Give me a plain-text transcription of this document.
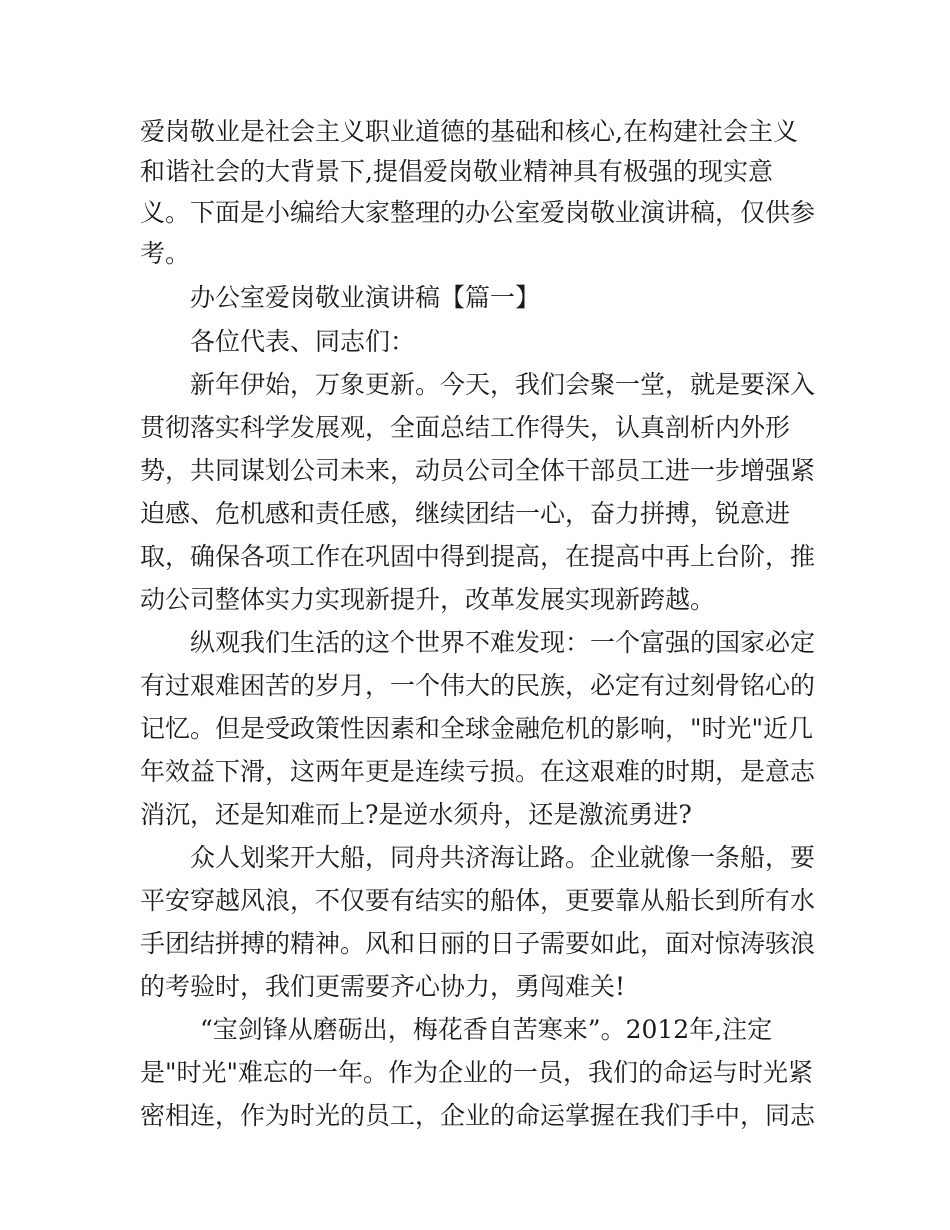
爱岗敬业是社会主义职业道德的基础和核心,在构建社会主义
和谐社会的大背景下,提倡爱岗敬业精神具有极强的现实意
义。下面是小编给大家整理的办公室爱岗敬业演讲稿，仅供参
考。
办公室爱岗敬业演讲稿【篇一】
各位代表、同志们：
新年伊始，万象更新。今天，我们会聚一堂，就是要深入
贯彻落实科学发展观，全面总结工作得失，认真剖析内外形
势，共同谋划公司未来，动员公司全体干部员工进一步增强紧
迫感、危机感和责任感，继续团结一心，奋力拼搏，锐意进
取，确保各项工作在巩固中得到提高，在提高中再上台阶，推
动公司整体实力实现新提升，改革发展实现新跨越。
纵观我们生活的这个世界不难发现：一个富强的国家必定
有过艰难困苦的岁月，一个伟大的民族，必定有过刻骨铭心的
记忆。但是受政策性因素和全球金融危机的影响，"时光"近几
年效益下滑，这两年更是连续亏损。在这艰难的时期，是意志
消沉，还是知难而上?是逆水须舟，还是激流勇进?
众人划桨开大船，同舟共济海让路。企业就像一条船，要
平安穿越风浪，不仅要有结实的船体，更要靠从船长到所有水
手团结拼搏的精神。风和日丽的日子需要如此，面对惊涛骇浪
的考验时，我们更需要齐心协力，勇闯难关!
“宝剑锋从磨砺出，梅花香自苦寒来”。2012年,注定
是"时光"难忘的一年。作为企业的一员，我们的命运与时光紧
密相连，作为时光的员工，企业的命运掌握在我们手中，同志
